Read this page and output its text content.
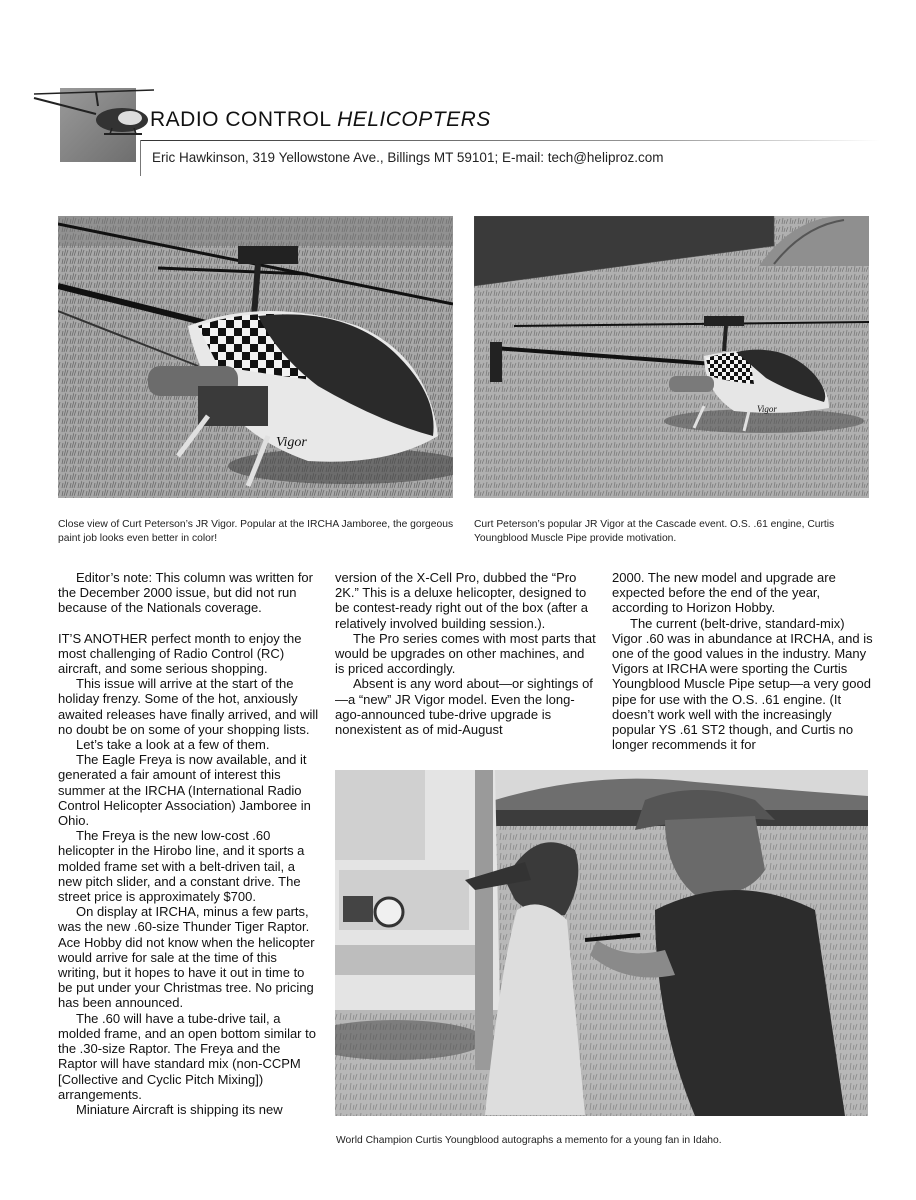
RADIO CONTROL HELICOPTERS
Eric Hawkinson, 319 Yellowstone Ave., Billings MT 59101; E-mail: tech@heliproz.com
Vigor
Close view of Curt Peterson’s JR Vigor. Popular at the IRCHA Jamboree, the gorgeous paint job looks even better in color!
Vigor
Curt Peterson’s popular JR Vigor at the Cascade event. O.S. .61 engine, Curtis Youngblood Muscle Pipe provide motivation.

Editor’s note: This column was written for the December 2000 issue, but did not run because of the Nationals coverage.

IT’S ANOTHER perfect month to enjoy the most challenging of Radio Control (RC) aircraft, and some serious shopping.

This issue will arrive at the start of the holiday frenzy. Some of the hot, anxiously awaited releases have finally arrived, and will no doubt be on some of your shopping lists.

Let’s take a look at a few of them.

The Eagle Freya is now available, and it generated a fair amount of interest this summer at the IRCHA (International Radio Control Helicopter Association) Jamboree in Ohio.

The Freya is the new low-cost .60 helicopter in the Hirobo line, and it sports a molded frame set with a belt-driven tail, a new pitch slider, and a constant drive. The street price is approximately $700.

On display at IRCHA, minus a few parts, was the new .60-size Thunder Tiger Raptor. Ace Hobby did not know when the helicopter would arrive for sale at the time of this writing, but it hopes to have it out in time to be put under your Christmas tree. No pricing has been announced.

The .60 will have a tube-drive tail, a molded frame, and an open bottom similar to the .30-size Raptor. The Freya and the Raptor will have standard mix (non-CCPM [Collective and Cyclic Pitch Mixing]) arrangements.

Miniature Aircraft is shipping its new

version of the X-Cell Pro, dubbed the “Pro 2K.” This is a deluxe helicopter, designed to be contest-ready right out of the box (after a relatively involved building session.).

The Pro series comes with most parts that would be upgrades on other machines, and is priced accordingly.

Absent is any word about—or sightings of—a “new” JR Vigor model. Even the long-ago-announced tube-drive upgrade is nonexistent as of mid-August

2000. The new model and upgrade are expected before the end of the year, according to Horizon Hobby.

The current (belt-drive, standard-mix) Vigor .60 was in abundance at IRCHA, and is one of the good values in the industry. Many Vigors at IRCHA were sporting the Curtis Youngblood Muscle Pipe setup—a very good pipe for use with the O.S. .61 engine. (It doesn’t work well with the increasingly popular YS .61 ST2 though, and Curtis no longer recommends it for

World Champion Curtis Youngblood autographs a memento for a young fan in Idaho.
